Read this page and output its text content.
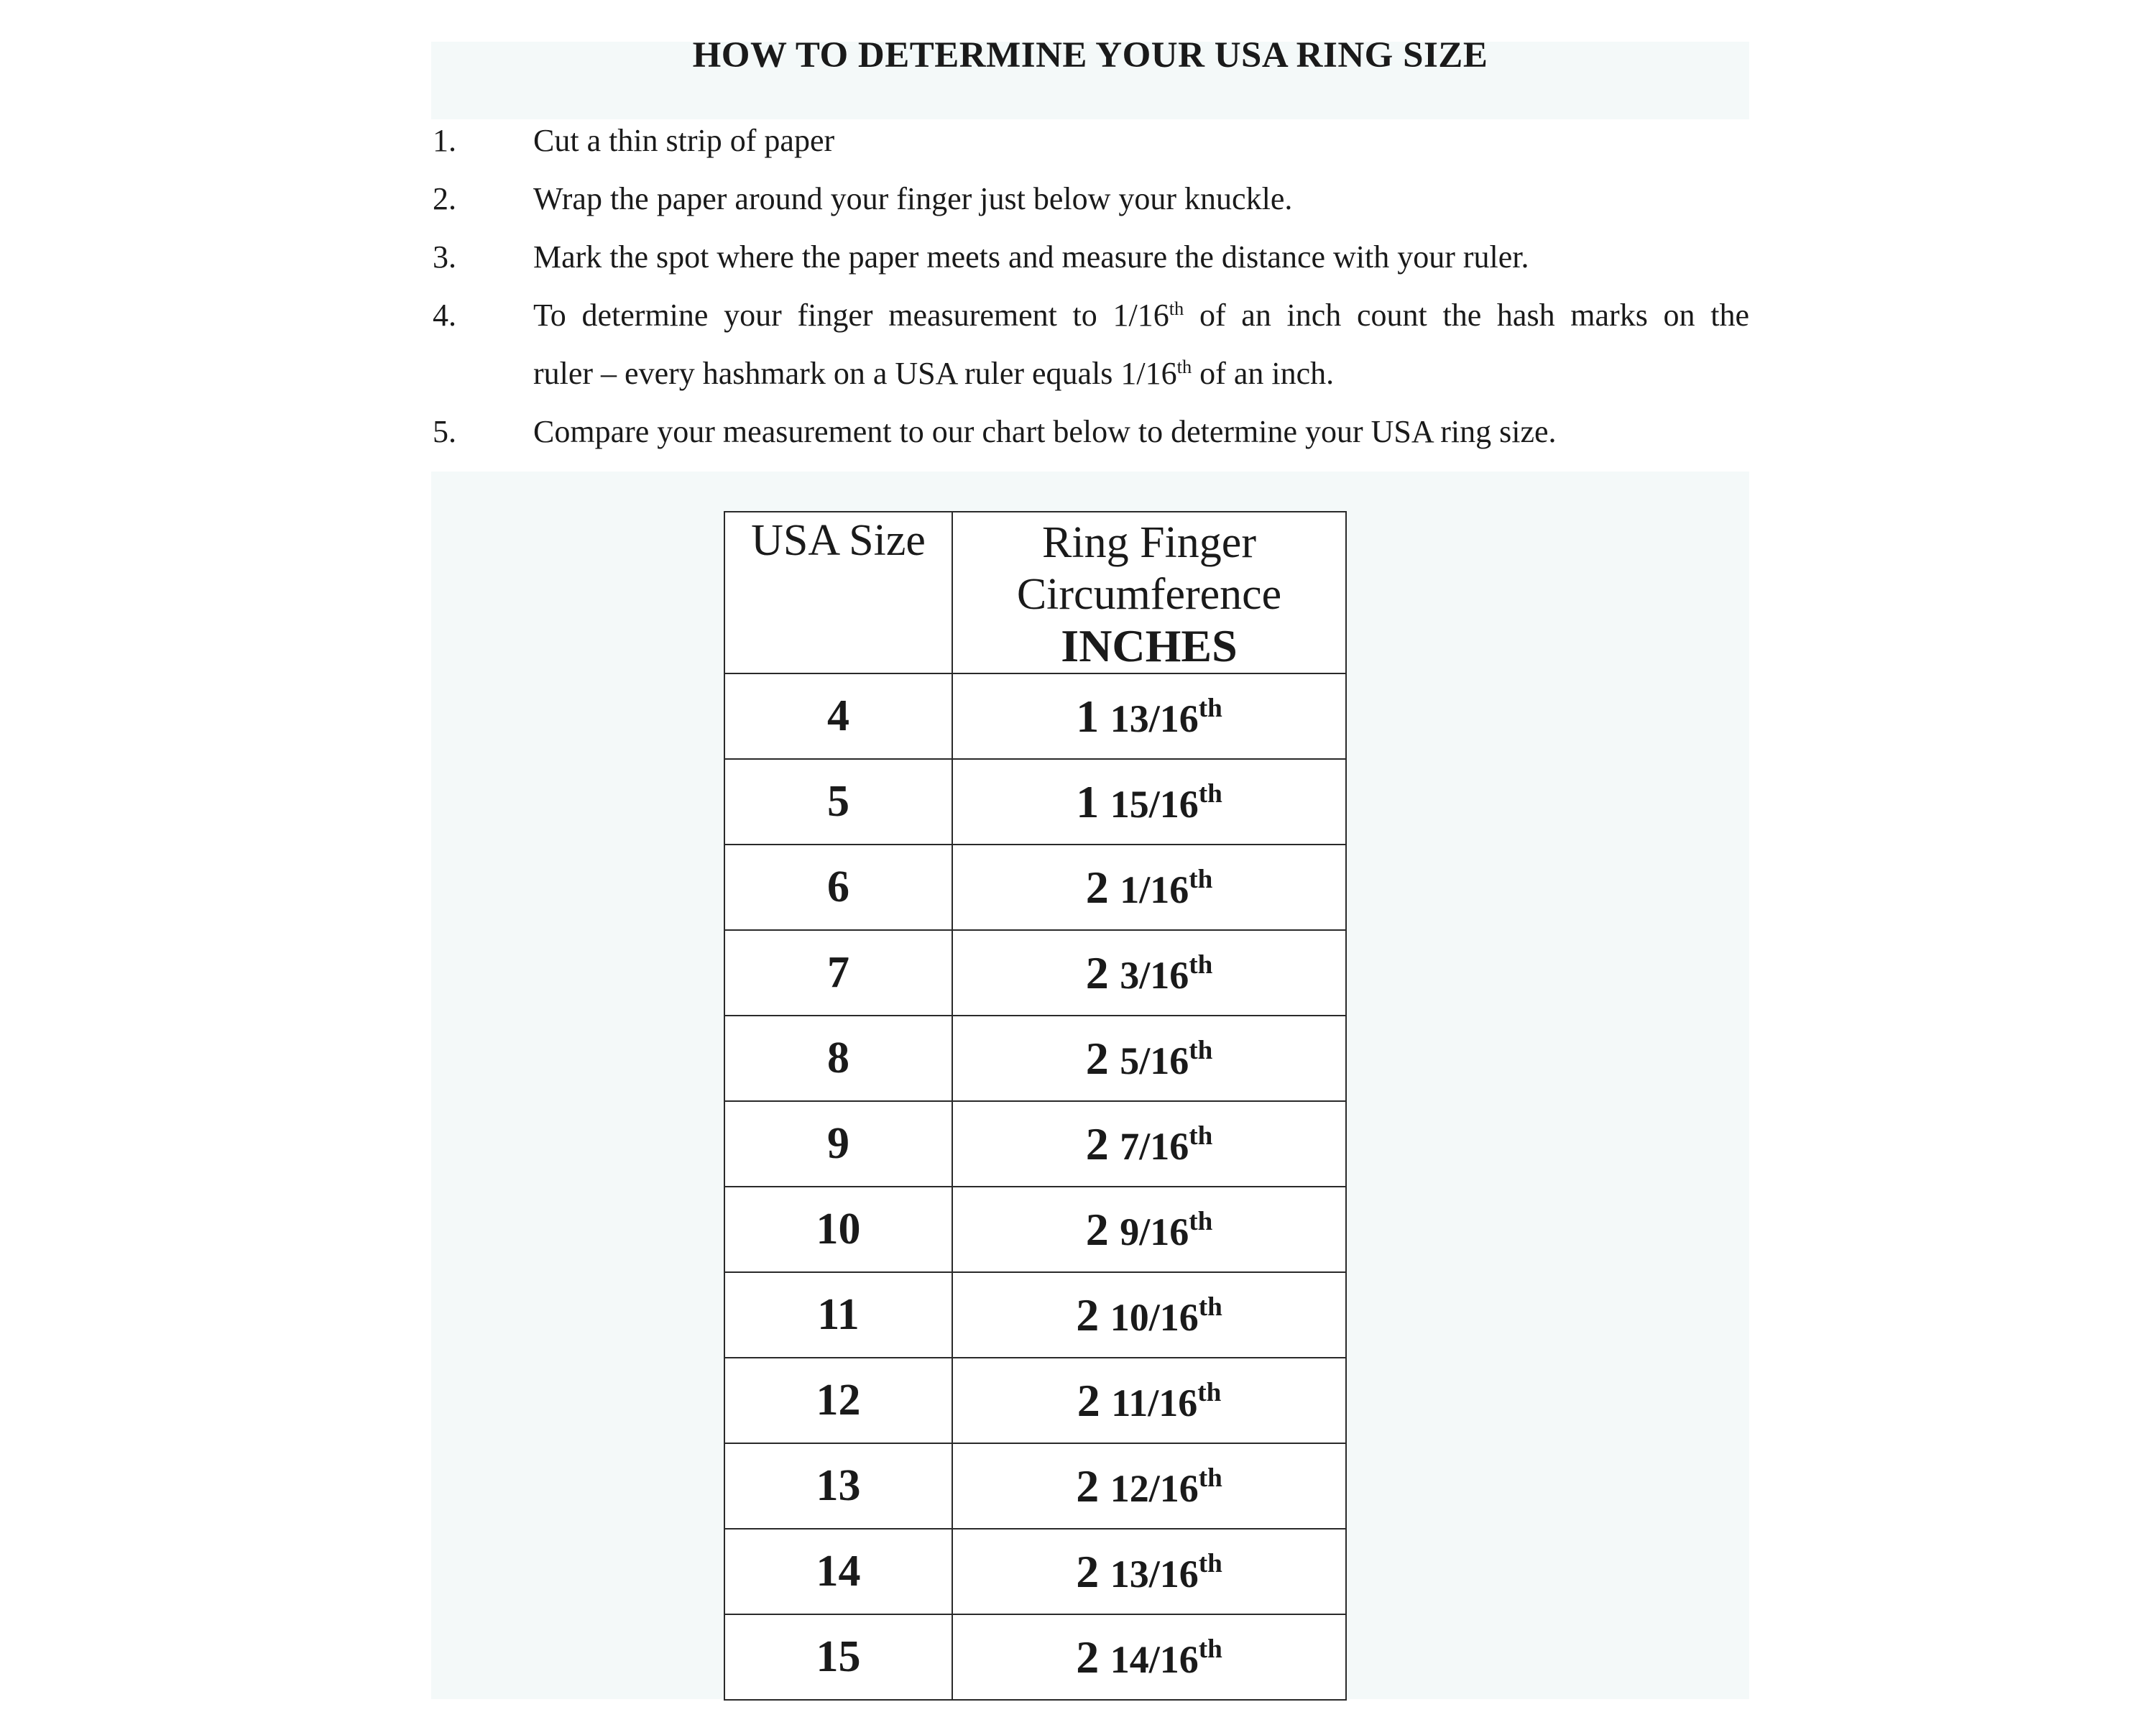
HOW TO DETERMINE YOUR USA RING SIZE
1. Cut a thin strip of paper
2. Wrap the paper around your finger just below your knuckle.
3. Mark the spot where the paper meets and measure the distance with your ruler.
4. To determine your finger measurement to 1/16th of an inch count the hash marks on the
ruler – every hashmark on a USA ruler equals 1/16th of an inch.
5. Compare your measurement to our chart below to determine your USA ring size.
USA Size	Ring Finger
Circumference
INCHES

4	1 13/16th
5	1 15/16th
6	2 1/16th
7	2 3/16th
8	2 5/16th
9	2 7/16th
10	2 9/16th
11	2 10/16th
12	2 11/16th
13	2 12/16th
14	2 13/16th
15	2 14/16th
